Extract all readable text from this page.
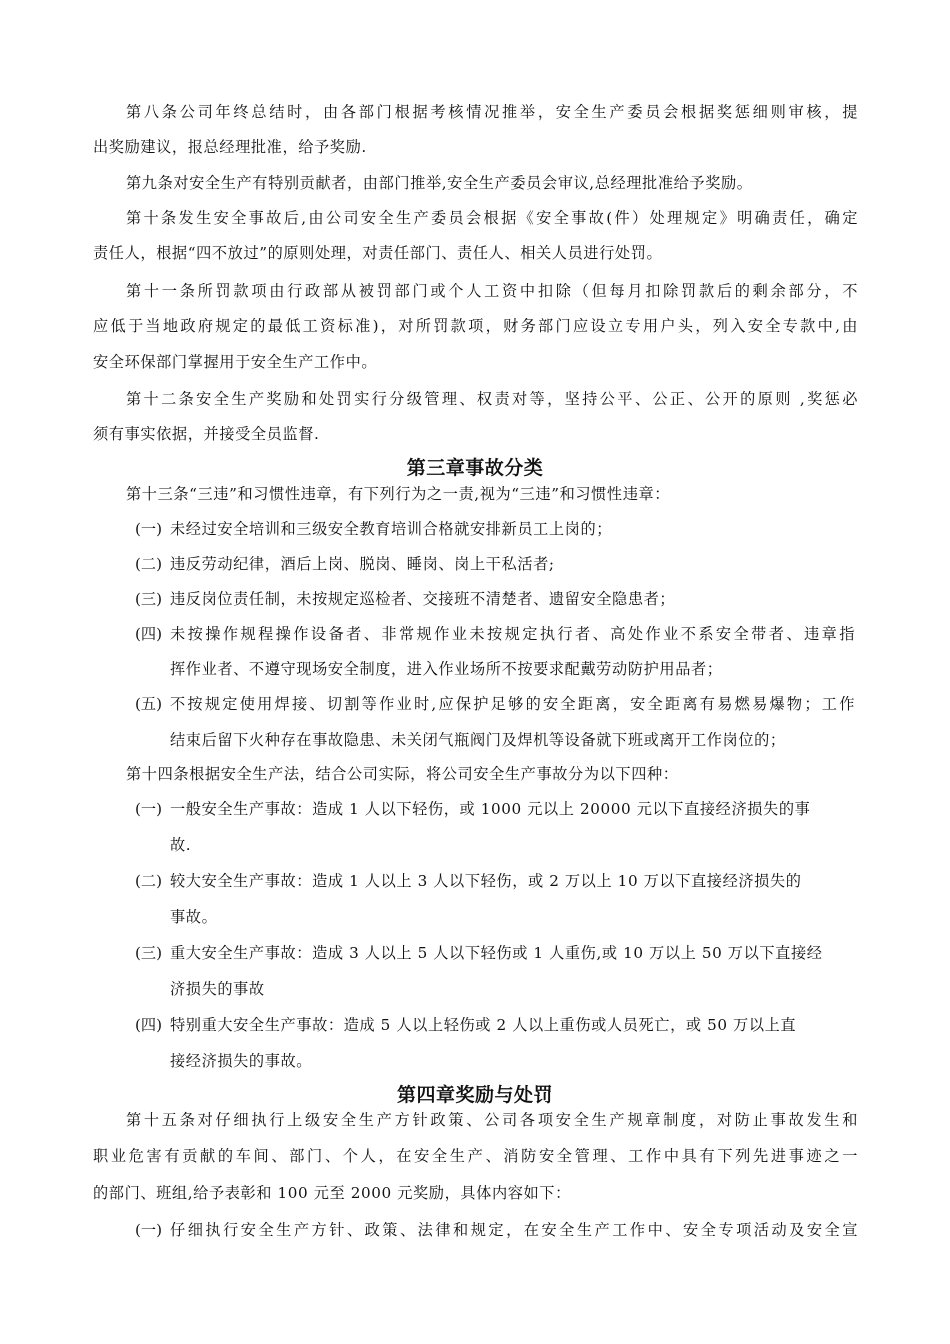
第八条公司年终总结时，由各部门根据考核情况推举，安全生产委员会根据奖惩细则审核，提
出奖励建议，报总经理批准，给予奖励.
第九条对安全生产有特别贡献者，由部门推举,安全生产委员会审议,总经理批准给予奖励。
第十条发生安全事故后,由公司安全生产委员会根据《安全事故(件）处理规定》明确责任，确定
责任人，根据“四不放过”的原则处理，对责任部门、责任人、相关人员进行处罚。
第十一条所罚款项由行政部从被罚部门或个人工资中扣除（但每月扣除罚款后的剩余部分，不
应低于当地政府规定的最低工资标准)，对所罚款项，财务部门应设立专用户头，列入安全专款中,由
安全环保部门掌握用于安全生产工作中。
第十二条安全生产奖励和处罚实行分级管理、权责对等，坚持公平、公正、公开的原则 ,奖惩必
须有事实依据，并接受全员监督.
第三章事故分类
第十三条“三违”和习惯性违章，有下列行为之一责,视为“三违”和习惯性违章：
(一) 未经过安全培训和三级安全教育培训合格就安排新员工上岗的；
(二) 违反劳动纪律，酒后上岗、脱岗、睡岗、岗上干私活者;
(三) 违反岗位责任制，未按规定巡检者、交接班不清楚者、遗留安全隐患者；
(四) 未按操作规程操作设备者、非常规作业未按规定执行者、高处作业不系安全带者、违章指
挥作业者、不遵守现场安全制度，进入作业场所不按要求配戴劳动防护用品者；
(五) 不按规定使用焊接、切割等作业时,应保护足够的安全距离，安全距离有易燃易爆物；工作
结束后留下火种存在事故隐患、未关闭气瓶阀门及焊机等设备就下班或离开工作岗位的；
第十四条根据安全生产法，结合公司实际，将公司安全生产事故分为以下四种：
(一) 一般安全生产事故：造成 1 人以下轻伤，或 1000 元以上 20000 元以下直接经济损失的事
故.
(二) 较大安全生产事故：造成 1 人以上 3 人以下轻伤，或 2 万以上 10 万以下直接经济损失的
事故。
(三) 重大安全生产事故：造成 3 人以上 5 人以下轻伤或 1 人重伤,或 10 万以上 50 万以下直接经
济损失的事故
(四) 特别重大安全生产事故：造成 5 人以上轻伤或 2 人以上重伤或人员死亡，或 50 万以上直
接经济损失的事故。
第四章奖励与处罚
第十五条对仔细执行上级安全生产方针政策、公司各项安全生产规章制度，对防止事故发生和
职业危害有贡献的车间、部门、个人，在安全生产、消防安全管理、工作中具有下列先进事迹之一
的部门、班组,给予表彰和 100 元至 2000 元奖励，具体内容如下：
(一) 仔细执行安全生产方针、政策、法律和规定，在安全生产工作中、安全专项活动及安全宣
